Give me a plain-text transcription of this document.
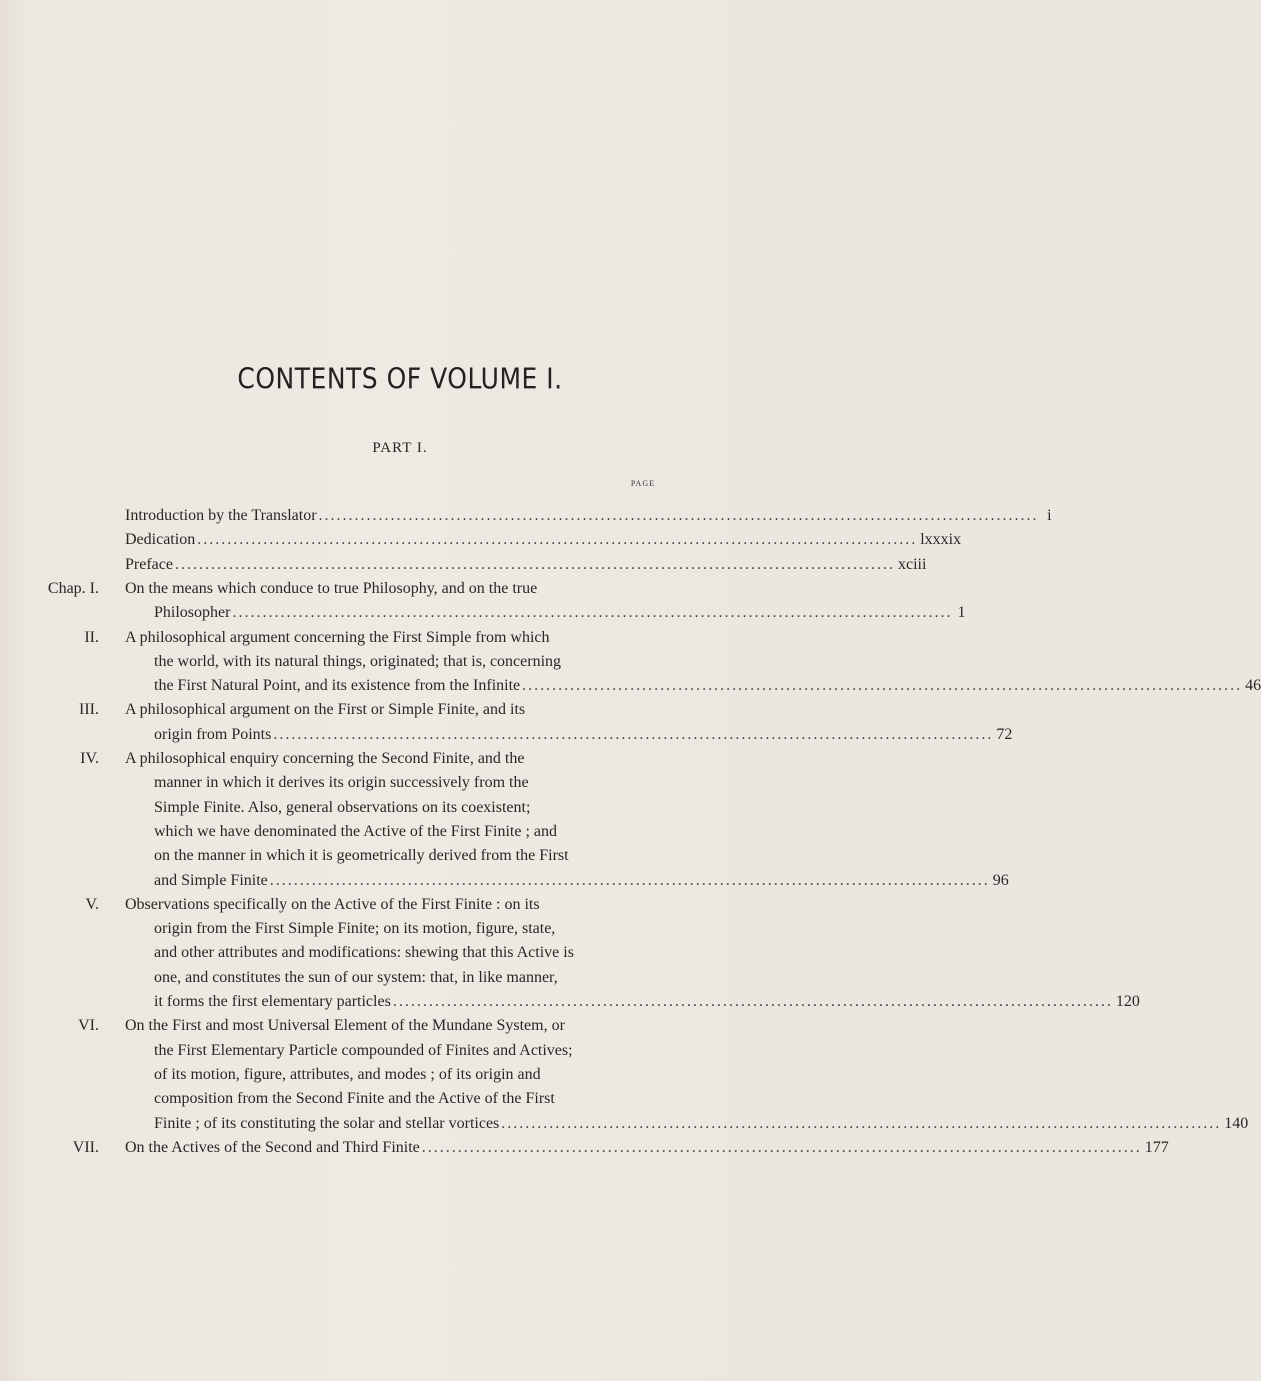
CONTENTS OF VOLUME I.
PART I.
PAGE
Introduction by the Translator ........................................................................................................................ i
Dedication ........................................................................................................................ lxxxix
Preface ........................................................................................................................ xciii
Chap. I. On the means which conduce to true Philosophy, and on the true
Philosopher ........................................................................................................................ 1
II. A philosophical argument concerning the First Simple from which
the world, with its natural things, originated; that is, concerning
the First Natural Point, and its existence from the Infinite ........................................................................................................................ 46
III. A philosophical argument on the First or Simple Finite, and its
origin from Points ........................................................................................................................ 72
IV. A philosophical enquiry concerning the Second Finite, and the
manner in which it derives its origin successively from the
Simple Finite. Also, general observations on its coexistent;
which we have denominated the Active of the First Finite ; and
on the manner in which it is geometrically derived from the First
and Simple Finite ........................................................................................................................ 96
V. Observations specifically on the Active of the First Finite : on its
origin from the First Simple Finite; on its motion, figure, state,
and other attributes and modifications: shewing that this Active is
one, and constitutes the sun of our system: that, in like manner,
it forms the first elementary particles ........................................................................................................................ 120
VI. On the First and most Universal Element of the Mundane System, or
the First Elementary Particle compounded of Finites and Actives;
of its motion, figure, attributes, and modes ; of its origin and
composition from the Second Finite and the Active of the First
Finite ; of its constituting the solar and stellar vortices ........................................................................................................................ 140
VII. On the Actives of the Second and Third Finite ........................................................................................................................ 177
